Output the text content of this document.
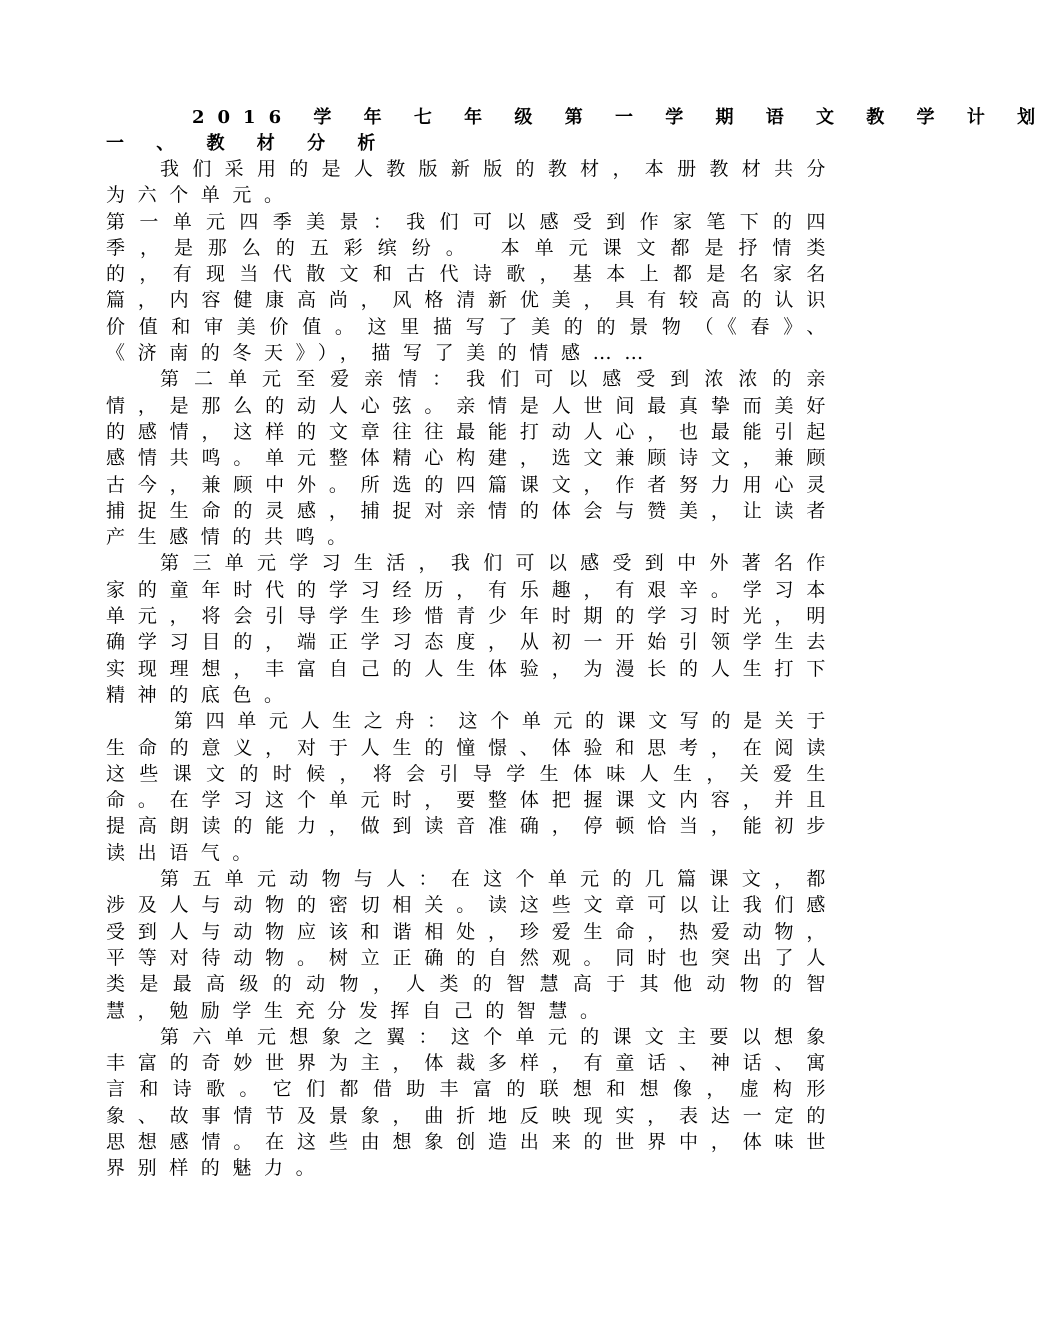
2016 学 年 七 年 级 第 一 学 期 语 文 教 学 计 划
一 、 教 材 分 析

我们采用的是人教版新版的教材，本册教材共分为六个单元。

第一单元四季美景：我们可以感受到作家笔下的四季，是那么的五彩缤纷。 本单元课文都是抒情类的，有现当代散文和古代诗歌，基本上都是名家名篇，内容健康高尚，风格清新优美，具有较高的认识价值和审美价值。这里描写了美的的景物（《春》、《济南的冬天》），描写了美的情感……

第二单元至爱亲情：我们可以感受到浓浓的亲情，是那么的动人心弦。亲情是人世间最真挚而美好的感情，这样的文章往往最能打动人心，也最能引起感情共鸣。单元整体精心构建，选文兼顾诗文，兼顾古今，兼顾中外。所选的四篇课文，作者努力用心灵捕捉生命的灵感，捕捉对亲情的体会与赞美，让读者产生感情的共鸣。

第三单元学习生活，我们可以感受到中外著名作家的童年时代的学习经历，有乐趣，有艰辛。学习本单元，将会引导学生珍惜青少年时期的学习时光，明确学习目的，端正学习态度，从初一开始引领学生去实现理想，丰富自己的人生体验，为漫长的人生打下精神的底色。

第四单元人生之舟：这个单元的课文写的是关于生命的意义，对于人生的憧憬、体验和思考，在阅读这些课文的时候，将会引导学生体味人生，关爱生命。在学习这个单元时，要整体把握课文内容，并且提高朗读的能力，做到读音准确，停顿恰当，能初步读出语气。

第五单元动物与人：在这个单元的几篇课文，都涉及人与动物的密切相关。读这些文章可以让我们感受到人与动物应该和谐相处，珍爱生命，热爱动物，平等对待动物。树立正确的自然观。同时也突出了人类是最高级的动物，人类的智慧高于其他动物的智慧，勉励学生充分发挥自己的智慧。

第六单元想象之翼：这个单元的课文主要以想象丰富的奇妙世界为主，体裁多样，有童话、神话、寓言和诗歌。它们都借助丰富的联想和想像，虚构形象、故事情节及景象，曲折地反映现实，表达一定的思想感情。在这些由想象创造出来的世界中，体味世界别样的魅力。
